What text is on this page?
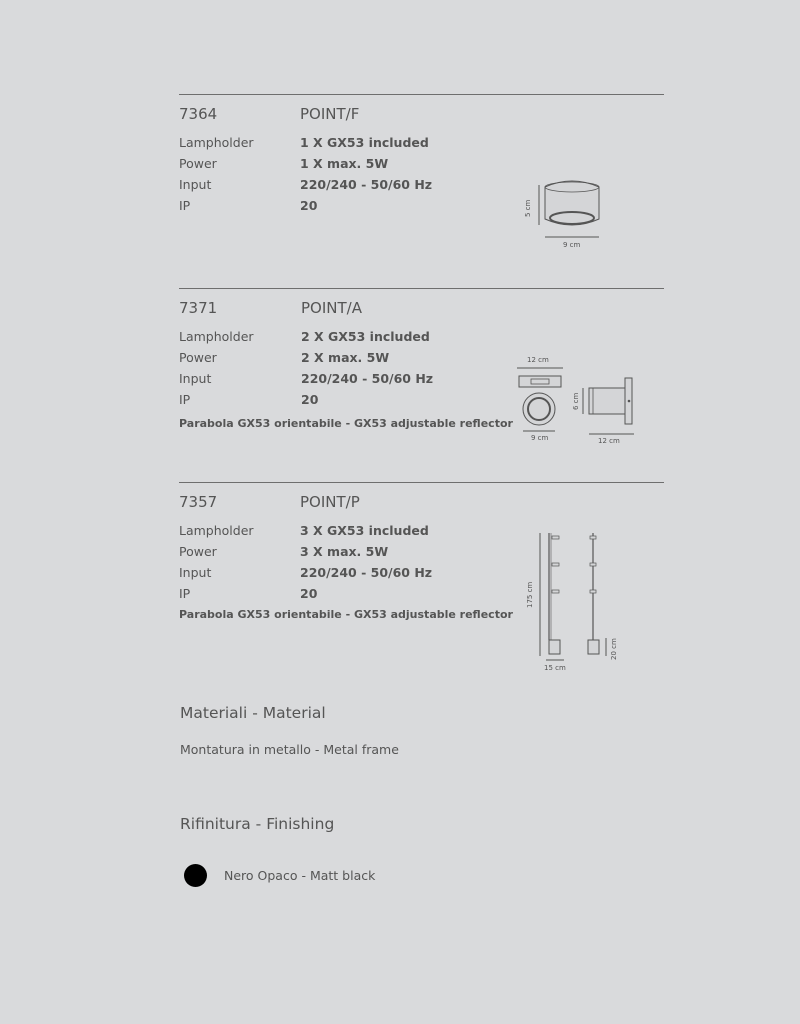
7364	POINT/F
Lampholder	1 X GX53 included
Power	1 X max. 5W
Input	220/240 - 50/60 Hz
IP	20	5 cm
9 cm
7371	POINT/A
Lampholder	2 X GX53 included
Power	2 X max. 5W
Input	220/240 - 50/60 Hz
IP	20
Parabola GX53 orientabile - GX53 adjustable reflector
12 cm
9 cm
6 cm
12 cm
7357	POINT/P
Lampholder	3 X GX53 included
Power	3 X max. 5W
Input	220/240 - 50/60 Hz
IP	20
Parabola GX53 orientabile - GX53 adjustable reflector
175 cm
15 cm
20 cm
Materiali - Material
Montatura in metallo - Metal frame
Rifinitura - Finishing
Nero Opaco - Matt black
